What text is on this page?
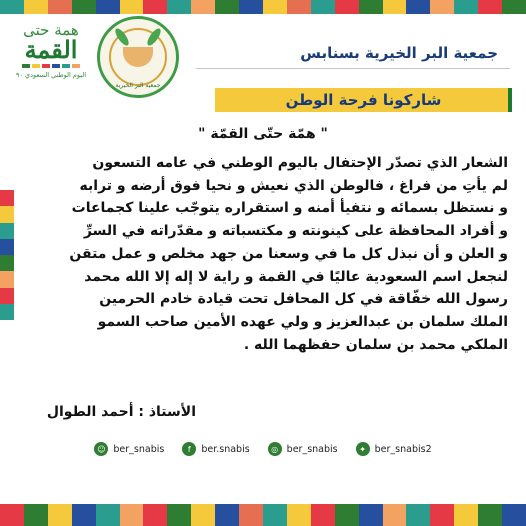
همة حتى
القمة
اليوم الوطني السعودي ٩٠
جمعية البر الخيرية
جمعية البر الخيرية بسنابس
شاركونا فرحة الوطن
" همّة حتّى القمّة "
الشعار الذي تصدّر الإحتفال باليوم الوطني في عامه التسعون
لم يأتِ من فراغ ، فالوطن الذي نعيش و نحيا فوق أرضه و ترابه
و نستظل بسمائه و نتفيأ أمنه و استقراره يتوجّب علينا كجماعات
و أفراد المحافظة على كينونته و مكتسباته و مقدّراته في السرِّ
و العلن و أن نبذل كل ما في وسعنا من جهد مخلص و عمل متقن
لنجعل اسم السعودية عاليًا في القمة و راية لا إله إلا الله محمد
رسول الله خفّاقة في كل المحافل تحت قيادة خادم الحرمين
الملك سلمان بن عبدالعزيز و ولي عهده الأمين صاحب السمو
الملكي محمد بن سلمان حفظهما الله .
الأستاذ : أحمد الطوال
☺ ber_snabis	f	ber.snabis	◎ ber_snabis	✦ ber_snabis2
